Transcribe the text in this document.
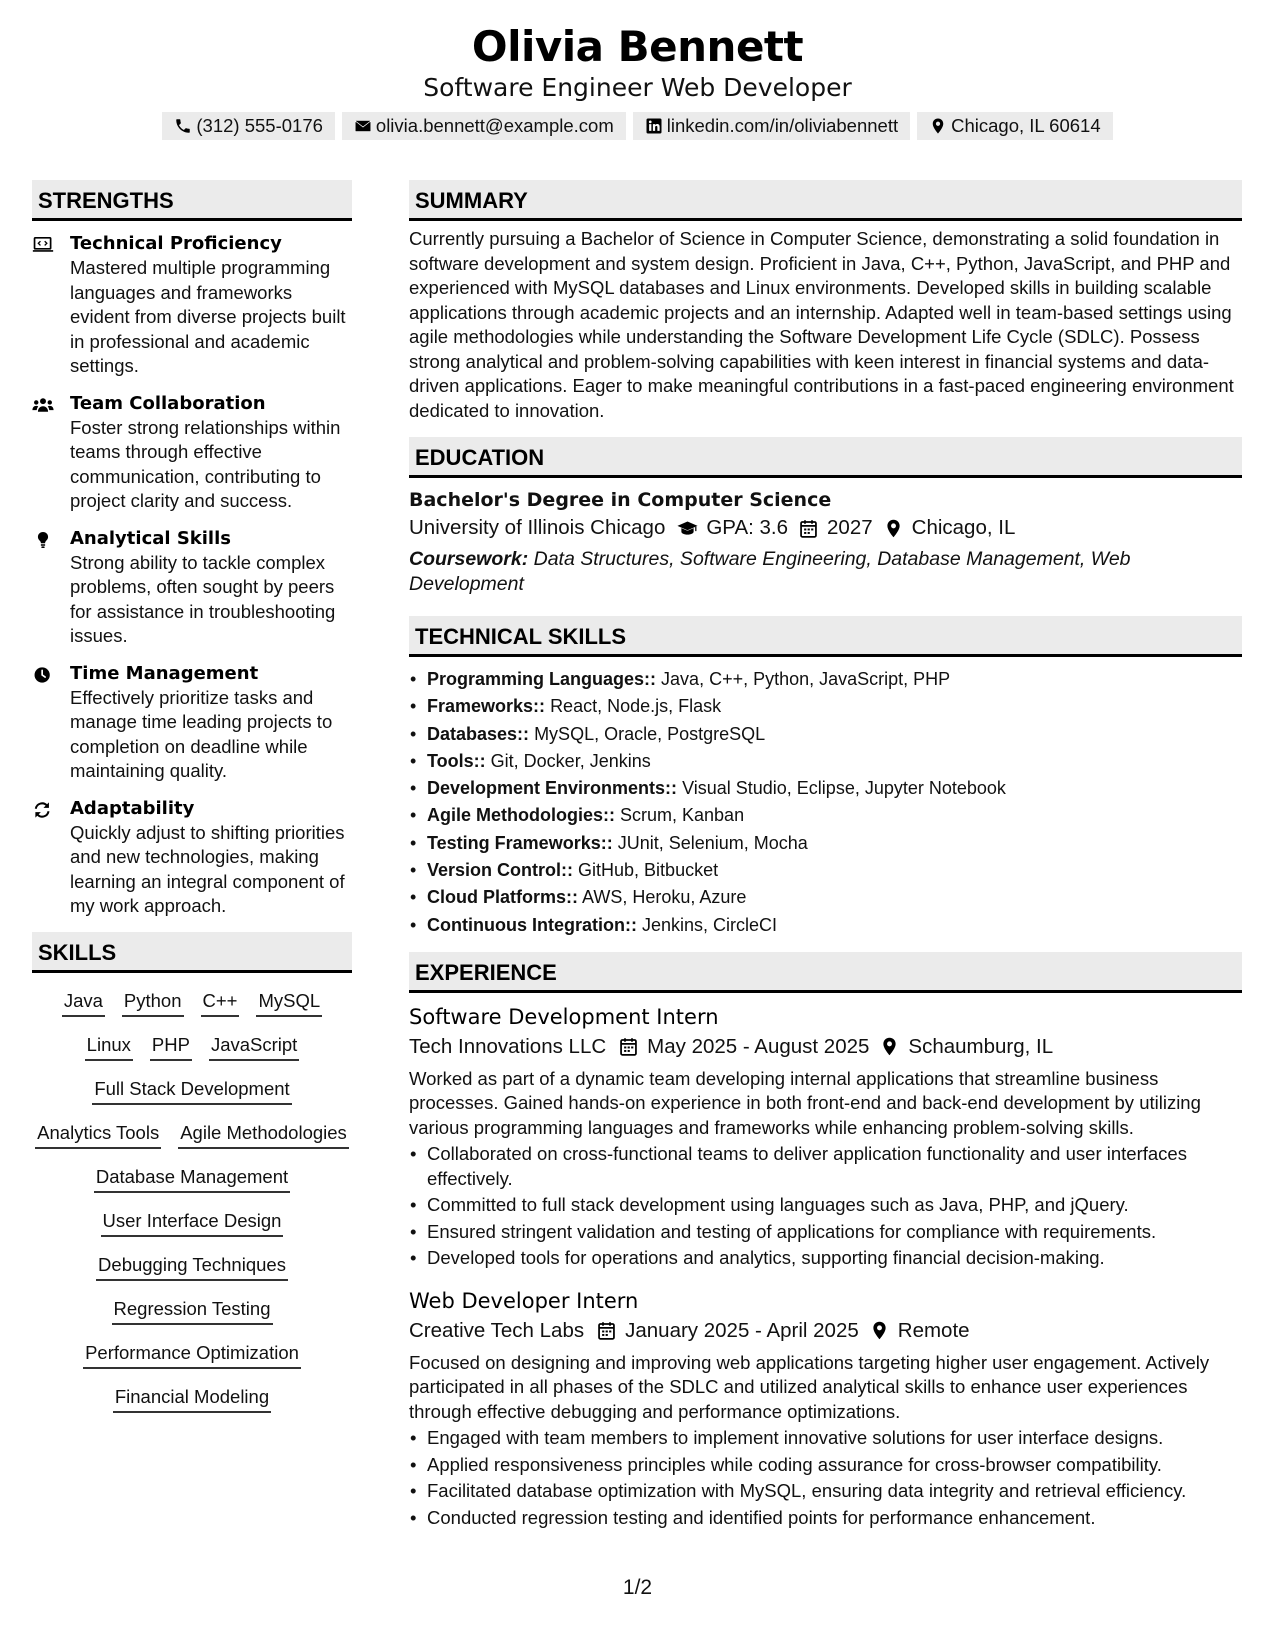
Olivia Bennett
Software Engineer Web Developer
(312) 555-0176	olivia.bennett@example.com	linkedin.com/in/oliviabennett	Chicago, IL 60614
STRENGTHS
Technical Proficiency
Mastered multiple programming languages and frameworks evident from diverse projects built in professional and academic settings.
Team Collaboration
Foster strong relationships within teams through effective communication, contributing to project clarity and success.
Analytical Skills
Strong ability to tackle complex problems, often sought by peers for assistance in troubleshooting issues.
Time Management
Effectively prioritize tasks and manage time leading projects to completion on deadline while maintaining quality.
Adaptability
Quickly adjust to shifting priorities and new technologies, making learning an integral component of my work approach.
SKILLS
Java Python C++ MySQL
Linux PHP JavaScript
Full Stack Development
Analytics Tools Agile Methodologies
Database Management
User Interface Design
Debugging Techniques
Regression Testing
Performance Optimization
Financial Modeling
SUMMARY
Currently pursuing a Bachelor of Science in Computer Science, demonstrating a solid foundation in software development and system design. Proficient in Java, C++, Python, JavaScript, and PHP and experienced with MySQL databases and Linux environments. Developed skills in building scalable applications through academic projects and an internship. Adapted well in team-based settings using agile methodologies while understanding the Software Development Life Cycle (SDLC). Possess strong analytical and problem-solving capabilities with keen interest in financial systems and data-driven applications. Eager to make meaningful contributions in a fast-paced engineering environment dedicated to innovation.
EDUCATION
Bachelor's Degree in Computer Science
University of Illinois Chicago GPA: 3.6 2027 Chicago, IL
Coursework: Data Structures, Software Engineering, Database Management, Web Development
TECHNICAL SKILLS
• Programming Languages:: Java, C++, Python, JavaScript, PHP
• Frameworks:: React, Node.js, Flask
• Databases:: MySQL, Oracle, PostgreSQL
• Tools:: Git, Docker, Jenkins
• Development Environments:: Visual Studio, Eclipse, Jupyter Notebook
• Agile Methodologies:: Scrum, Kanban
• Testing Frameworks:: JUnit, Selenium, Mocha
• Version Control:: GitHub, Bitbucket
• Cloud Platforms:: AWS, Heroku, Azure
• Continuous Integration:: Jenkins, CircleCI
EXPERIENCE
Software Development Intern
Tech Innovations LLC May 2025 - August 2025 Schaumburg, IL
Worked as part of a dynamic team developing internal applications that streamline business processes. Gained hands-on experience in both front-end and back-end development by utilizing various programming languages and frameworks while enhancing problem-solving skills.
• Collaborated on cross-functional teams to deliver application functionality and user interfaces effectively.
• Committed to full stack development using languages such as Java, PHP, and jQuery.
• Ensured stringent validation and testing of applications for compliance with requirements.
• Developed tools for operations and analytics, supporting financial decision-making.
Web Developer Intern
Creative Tech Labs January 2025 - April 2025 Remote
Focused on designing and improving web applications targeting higher user engagement. Actively participated in all phases of the SDLC and utilized analytical skills to enhance user experiences through effective debugging and performance optimizations.
• Engaged with team members to implement innovative solutions for user interface designs.
• Applied responsiveness principles while coding assurance for cross-browser compatibility.
• Facilitated database optimization with MySQL, ensuring data integrity and retrieval efficiency.
• Conducted regression testing and identified points for performance enhancement.
1/2
